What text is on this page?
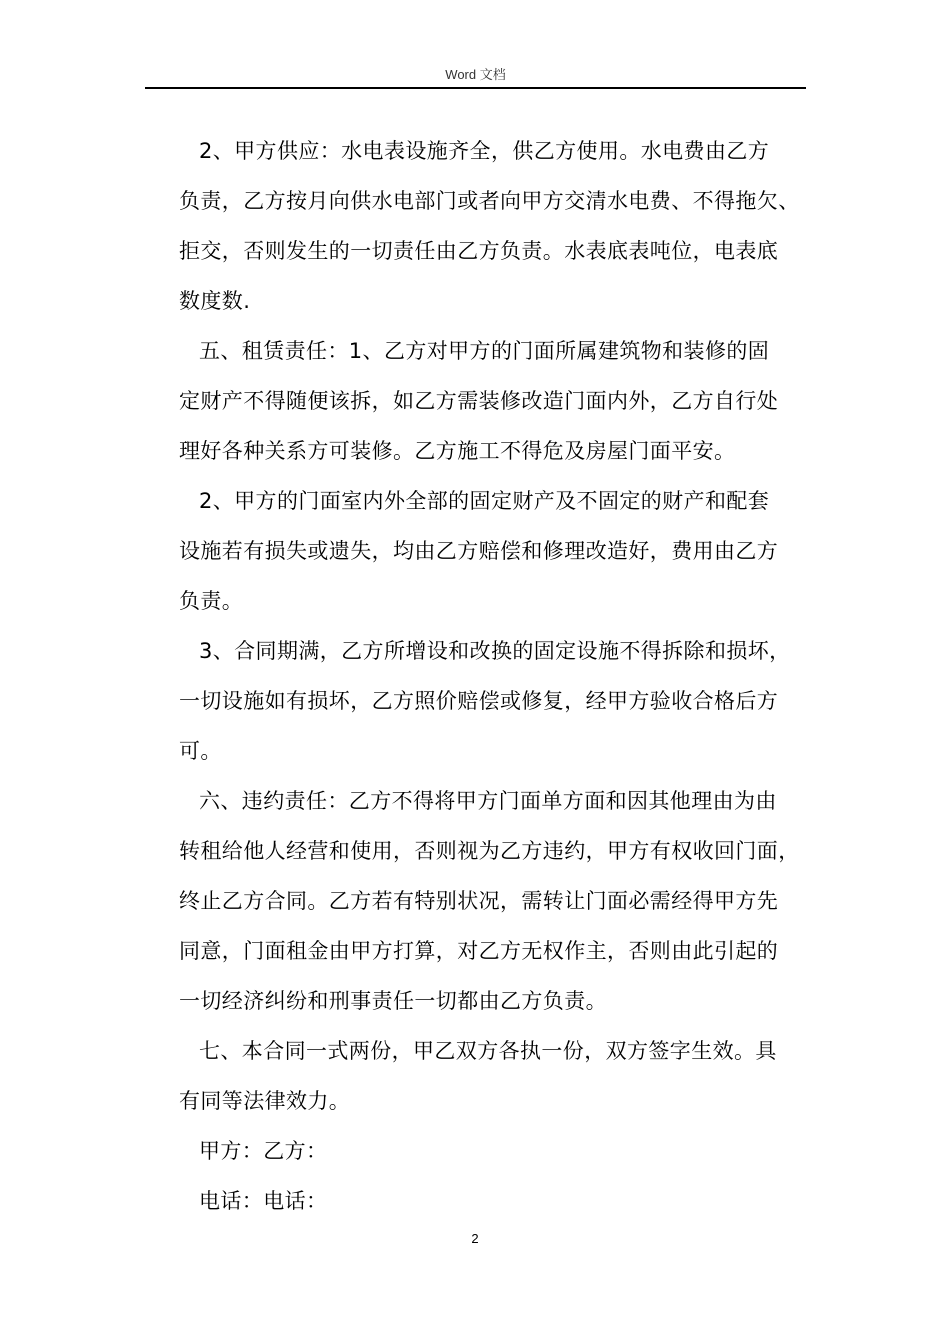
Word 文档

2、甲方供应：水电表设施齐全，供乙方使用。水电费由乙方
负责，乙方按月向供水电部门或者向甲方交清水电费、不得拖欠、
拒交，否则发生的一切责任由乙方负责。水表底表吨位，电表底
数度数.

五、租赁责任：1、乙方对甲方的门面所属建筑物和装修的固
定财产不得随便该拆，如乙方需装修改造门面内外，乙方自行处
理好各种关系方可装修。乙方施工不得危及房屋门面平安。

2、甲方的门面室内外全部的固定财产及不固定的财产和配套
设施若有损失或遗失，均由乙方赔偿和修理改造好，费用由乙方
负责。

3、合同期满，乙方所增设和改换的固定设施不得拆除和损坏，
一切设施如有损坏，乙方照价赔偿或修复，经甲方验收合格后方
可。

六、违约责任：乙方不得将甲方门面单方面和因其他理由为由
转租给他人经营和使用，否则视为乙方违约，甲方有权收回门面，
终止乙方合同。乙方若有特别状况，需转让门面必需经得甲方先
同意，门面租金由甲方打算，对乙方无权作主，否则由此引起的
一切经济纠纷和刑事责任一切都由乙方负责。

七、本合同一式两份，甲乙双方各执一份，双方签字生效。具
有同等法律效力。

甲方：乙方：

电话：电话：

2
